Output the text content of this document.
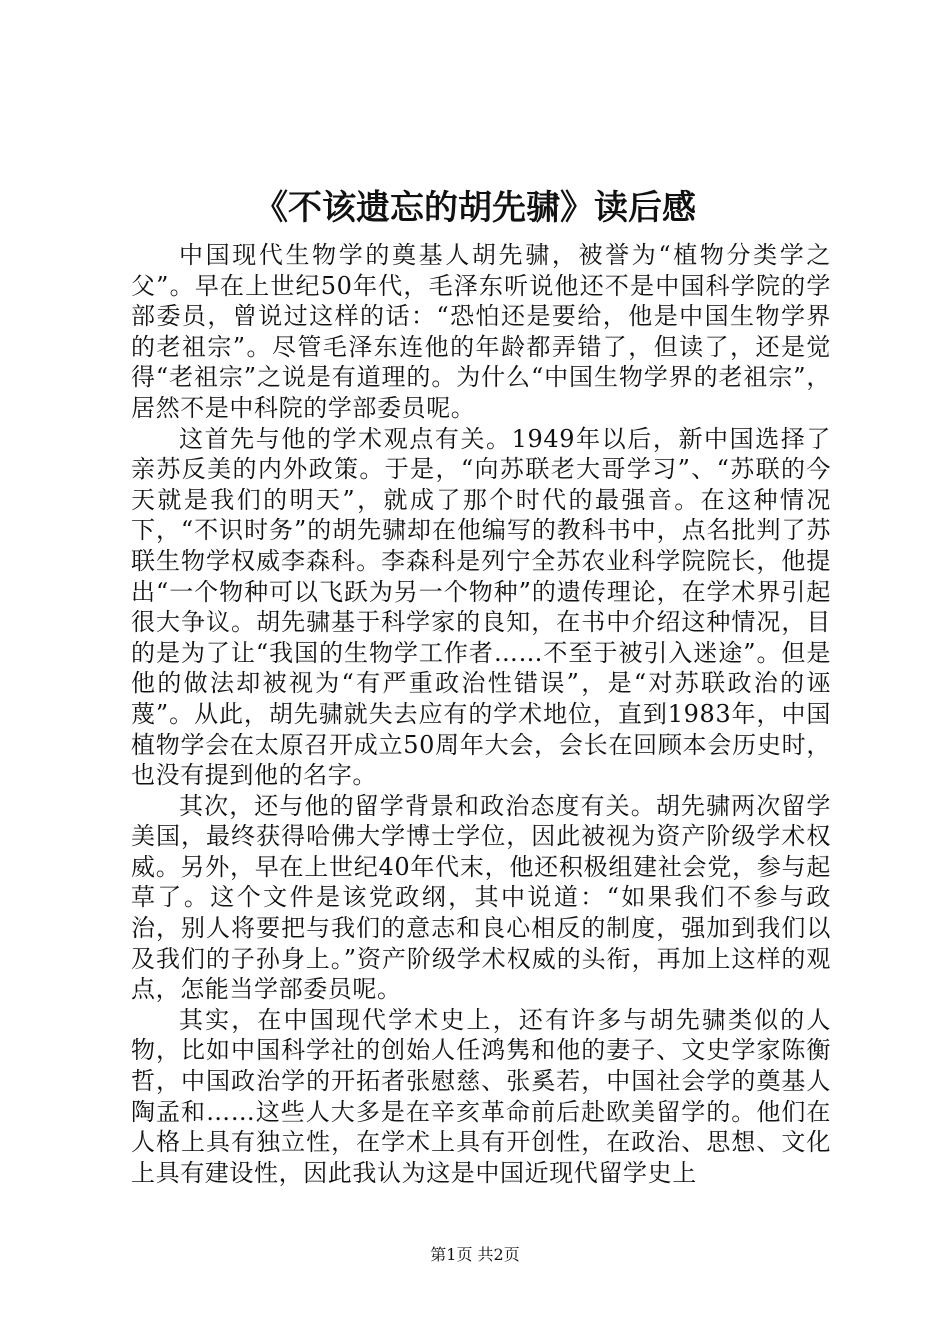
《不该遗忘的胡先骕》读后感

中国现代生物学的奠基人胡先骕，被誉为“植物分类学之父”。早在上世纪50年代，毛泽东听说他还不是中国科学院的学部委员，曾说过这样的话：“恐怕还是要给，他是中国生物学界的老祖宗”。尽管毛泽东连他的年龄都弄错了，但读了，还是觉得“老祖宗”之说是有道理的。为什么“中国生物学界的老祖宗”，居然不是中科院的学部委员呢。

这首先与他的学术观点有关。1949年以后，新中国选择了亲苏反美的内外政策。于是，“向苏联老大哥学习”、“苏联的今天就是我们的明天”，就成了那个时代的最强音。在这种情况下，“不识时务”的胡先骕却在他编写的教科书中，点名批判了苏联生物学权威李森科。李森科是列宁全苏农业科学院院长，他提出“一个物种可以飞跃为另一个物种”的遗传理论，在学术界引起很大争议。胡先骕基于科学家的良知，在书中介绍这种情况，目的是为了让“我国的生物学工作者……不至于被引入迷途”。但是他的做法却被视为“有严重政治性错误”，是“对苏联政治的诬蔑”。从此，胡先骕就失去应有的学术地位，直到1983年，中国植物学会在太原召开成立50周年大会，会长在回顾本会历史时，也没有提到他的名字。

其次，还与他的留学背景和政治态度有关。胡先骕两次留学美国，最终获得哈佛大学博士学位，因此被视为资产阶级学术权威。另外，早在上世纪40年代末，他还积极组建社会党，参与起草了。这个文件是该党政纲，其中说道：“如果我们不参与政治，别人将要把与我们的意志和良心相反的制度，强加到我们以及我们的子孙身上。”资产阶级学术权威的头衔，再加上这样的观点，怎能当学部委员呢。

其实，在中国现代学术史上，还有许多与胡先骕类似的人物，比如中国科学社的创始人任鸿隽和他的妻子、文史学家陈衡哲，中国政治学的开拓者张慰慈、张奚若，中国社会学的奠基人陶孟和……这些人大多是在辛亥革命前后赴欧美留学的。他们在人格上具有独立性，在学术上具有开创性，在政治、思想、文化上具有建设性，因此我认为这是中国近现代留学史上

第1页 共2页
